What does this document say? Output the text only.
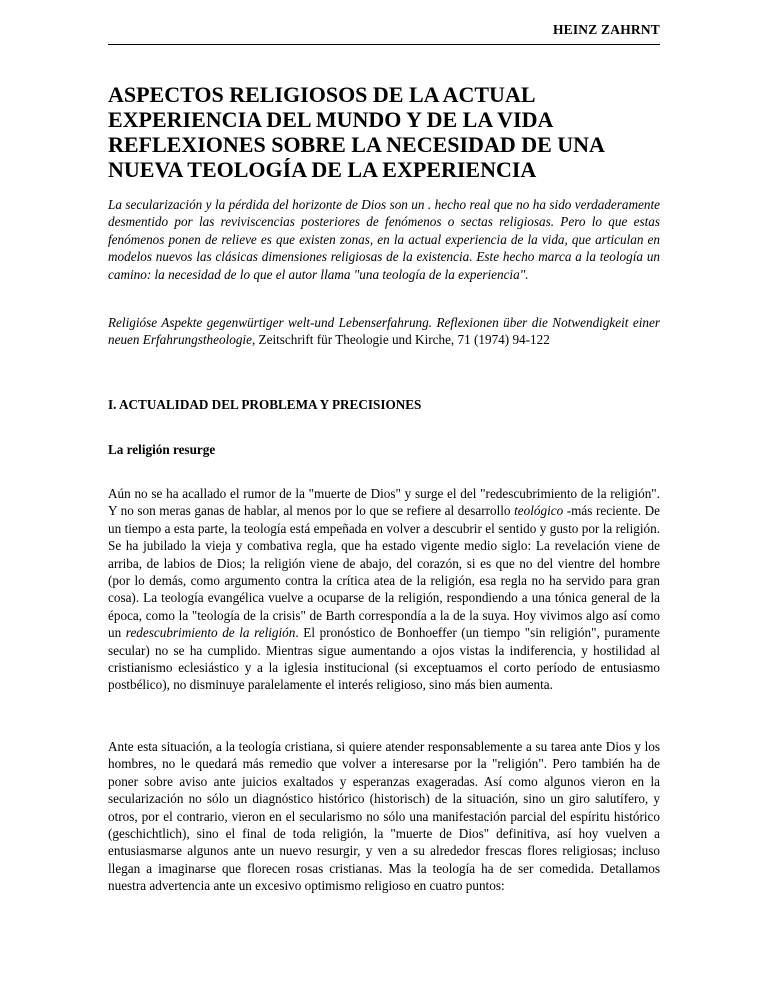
HEINZ ZAHRNT
ASPECTOS RELIGIOSOS DE LA ACTUAL
EXPERIENCIA DEL MUNDO Y DE LA VIDA
REFLEXIONES SOBRE LA NECESIDAD DE UNA
NUEVA TEOLOGÍA DE LA EXPERIENCIA

La secularización y la pérdida del horizonte de Dios son un . hecho real que no ha sido verdaderamente desmentido por las reviviscencias posteriores de fenómenos o sectas religiosas. Pero lo que estas fenómenos ponen de relieve es que existen zonas, en la actual experiencia de la vida, que articulan en modelos nuevos las clásicas dimensiones religiosas de la existencia. Este hecho marca a la teología un camino: la necesidad de lo que el autor llama "una teología de la experiencia".

Religióse Aspekte gegenwürtiger welt-und Lebenserfahrung. Reflexionen über die Notwendigkeit einer neuen Erfahrungstheologie, Zeitschrift für Theologie und Kirche, 71 (1974) 94-122

I. ACTUALIDAD DEL PROBLEMA Y PRECISIONES
La religión resurge

Aún no se ha acallado el rumor de la "muerte de Dios" y surge el del "redescubrimiento de la religión". Y no son meras ganas de hablar, al menos por lo que se refiere al desarrollo teológico -más reciente. De un tiempo a esta parte, la teología está empeñada en volver a descubrir el sentido y gusto por la religión. Se ha jubilado la vieja y combativa regla, que ha estado vigente medio siglo: La revelación viene de arriba, de labios de Dios; la religión viene de abajo, del corazón, si es que no del vientre del hombre (por lo demás, como argumento contra la crítica atea de la religión, esa regla no ha servido para gran cosa). La teología evangélica vuelve a ocuparse de la religión, respondiendo a una tónica general de la época, como la "teología de la crisis" de Barth correspondía a la de la suya. Hoy vivimos algo así como un redescubrimiento de la religión. El pronóstico de Bonhoeffer (un tiempo "sin religión", puramente secular) no se ha cumplido. Mientras sigue aumentando a ojos vistas la indiferencia, y hostilidad al cristianismo eclesiástico y a la iglesia institucional (si exceptuamos el corto período de entusiasmo postbélico), no disminuye paralelamente el interés religioso, sino más bien aumenta.

Ante esta situación, a la teología cristiana, si quiere atender responsablemente a su tarea ante Dios y los hombres, no le quedará más remedio que volver a interesarse por la "religión". Pero también ha de poner sobre aviso ante juicios exaltados y esperanzas exageradas. Así como algunos vieron en la secularización no sólo un diagnóstico histórico (historisch) de la situación, sino un giro salutífero, y otros, por el contrario, vieron en el secularismo no sólo una manifestación parcial del espíritu histórico (geschichtlich), sino el final de toda religión, la "muerte de Dios" definitiva, así hoy vuelven a entusiasmarse algunos ante un nuevo resurgir, y ven a su alrededor frescas flores religiosas; incluso llegan a imaginarse que florecen rosas cristianas. Mas la teología ha de ser comedida. Detallamos nuestra advertencia ante un excesivo optimismo religioso en cuatro puntos:
